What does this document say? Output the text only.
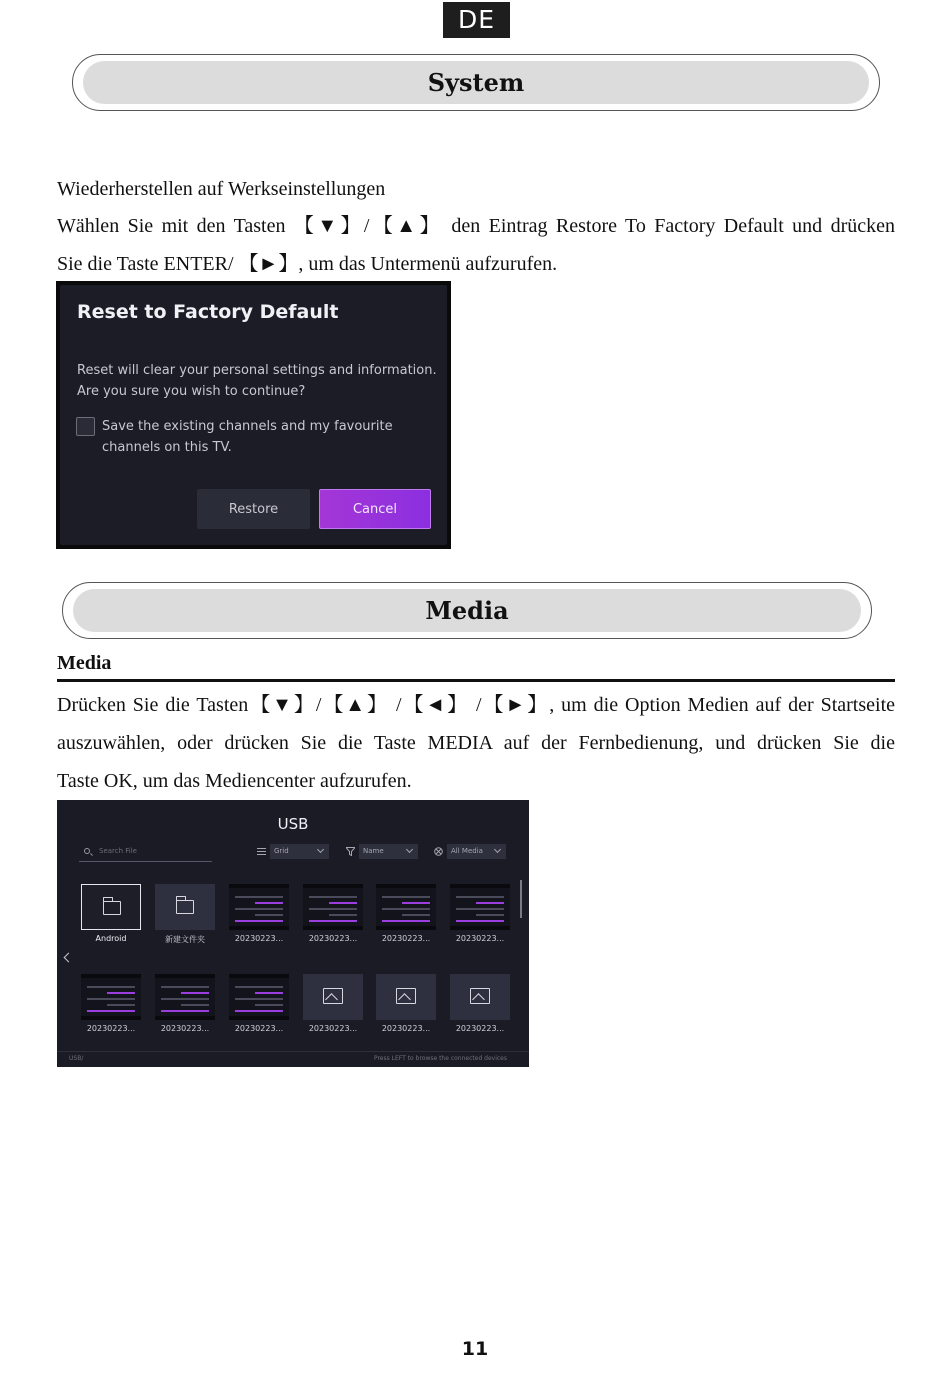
DE
System
Wiederherstellen auf Werkseinstellungen
Wählen Sie mit den Tasten 【▼】/【▲】 den Eintrag Restore To Factory Default und drücken
Sie die Taste ENTER/ 【►】, um das Untermenü aufzurufen.
Reset to Factory Default
Reset will clear your personal settings and information.
Are you sure you wish to continue?
Save the existing channels and my favourite
channels on this TV.
Restore	Cancel
Media
Media
Drücken Sie die Tasten【▼】/【▲】 /【◄】 /【►】, um die Option Medien auf der Startseite
auszuwählen, oder drücken Sie die Taste MEDIA auf der Fernbedienung, und drücken Sie die
Taste OK, um das Mediencenter aufzurufen.
USB
Search File	Grid	Name	All Media
Android	新建文件夹	20230223...	20230223...	20230223...	20230223...
20230223...	20230223...	20230223...	20230223...	20230223...	20230223...
USB/	Press LEFT to browse the connected devices
11
